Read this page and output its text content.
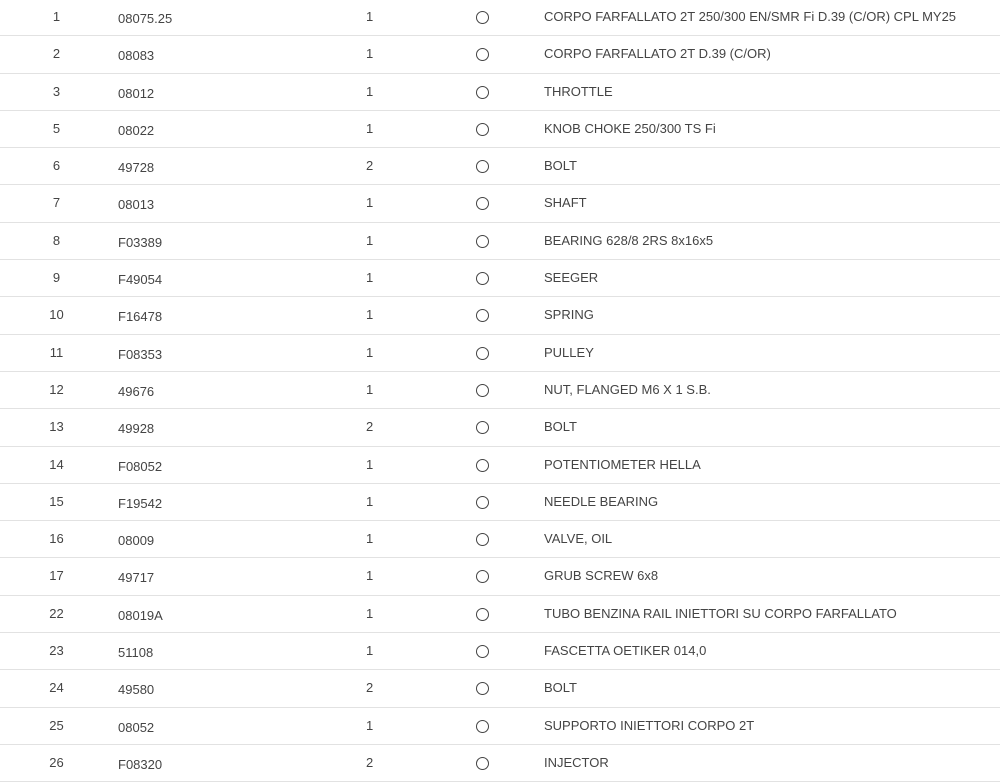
1	08075.25	1	CORPO FARFALLATO 2T 250/300 EN/SMR Fi D.39 (C/OR) CPL MY25
2	08083	1	CORPO FARFALLATO 2T D.39 (C/OR)
3	08012	1	THROTTLE
5	08022	1	KNOB CHOKE 250/300 TS Fi
6	49728	2	BOLT
7	08013	1	SHAFT
8	F03389	1	BEARING 628/8 2RS 8x16x5
9	F49054	1	SEEGER
10	F16478	1	SPRING
11	F08353	1	PULLEY
12	49676	1	NUT, FLANGED M6 X 1 S.B.
13	49928	2	BOLT
14	F08052	1	POTENTIOMETER HELLA
15	F19542	1	NEEDLE BEARING
16	08009	1	VALVE, OIL
17	49717	1	GRUB SCREW 6x8
22	08019A	1	TUBO BENZINA RAIL INIETTORI SU CORPO FARFALLATO
23	51108	1	FASCETTA OETIKER 014,0
24	49580	2	BOLT
25	08052	1	SUPPORTO INIETTORI CORPO 2T
26	F08320	2	INJECTOR
